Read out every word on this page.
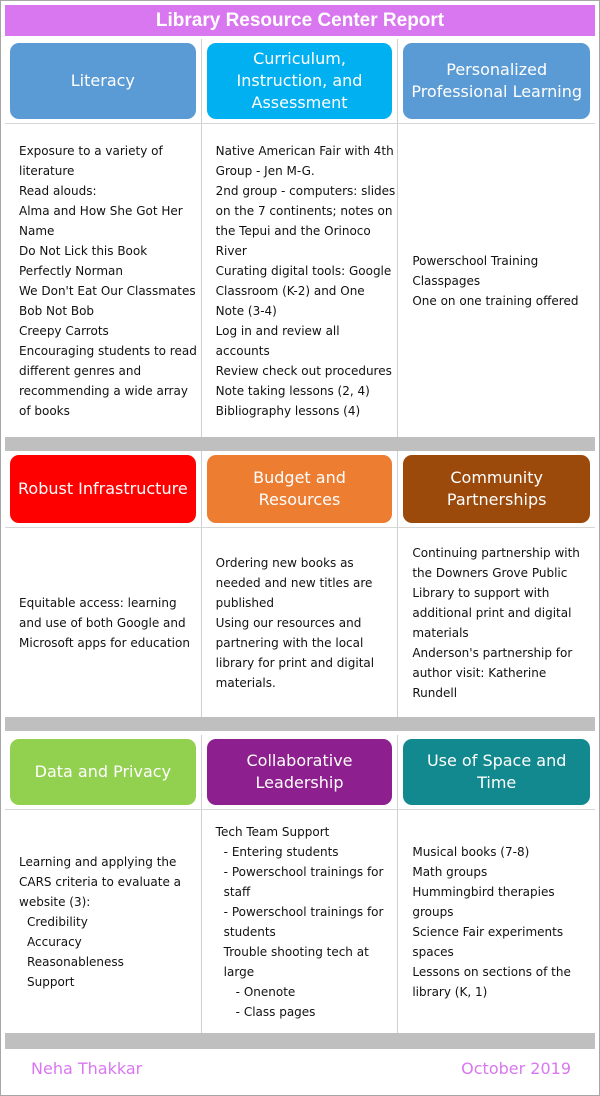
Library Resource Center Report
Literacy
Curriculum, Instruction, and Assessment
Personalized Professional Learning
Exposure to a variety of literature
Read alouds:
Alma and How She Got Her Name
Do Not Lick this Book
Perfectly Norman
We Don't Eat Our Classmates
Bob Not Bob
Creepy Carrots
Encouraging students to read different genres and recommending a wide array of books
Native American Fair with 4th Group - Jen M-G.
2nd group - computers: slides on the 7 continents; notes on the Tepui and the Orinoco River
Curating digital tools: Google Classroom (K-2) and One Note (3-4)
Log in and review all accounts
Review check out procedures
Note taking lessons (2, 4)
Bibliography lessons (4)
Powerschool Training
Classpages
One on one training offered
Robust Infrastructure
Budget and Resources
Community Partnerships
Equitable access: learning and use of both Google and Microsoft apps for education
Ordering new books as needed and new titles are published
Using our resources and partnering with the local library for print and digital materials.
Continuing partnership with the Downers Grove Public Library to support with additional print and digital materials
Anderson's partnership for author visit: Katherine Rundell
Data and Privacy
Collaborative Leadership
Use of Space and Time
Learning and applying the CARS criteria to evaluate a website (3):
Credibility
Accuracy
Reasonableness
Support
Tech Team Support
- Entering students
- Powerschool trainings for staff
- Powerschool trainings for students
Trouble shooting tech at large
- Onenote
- Class pages
Musical books (7-8)
Math groups
Hummingbird therapies groups
Science Fair experiments spaces
Lessons on sections of the library (K, 1)
Neha Thakkar	October 2019
